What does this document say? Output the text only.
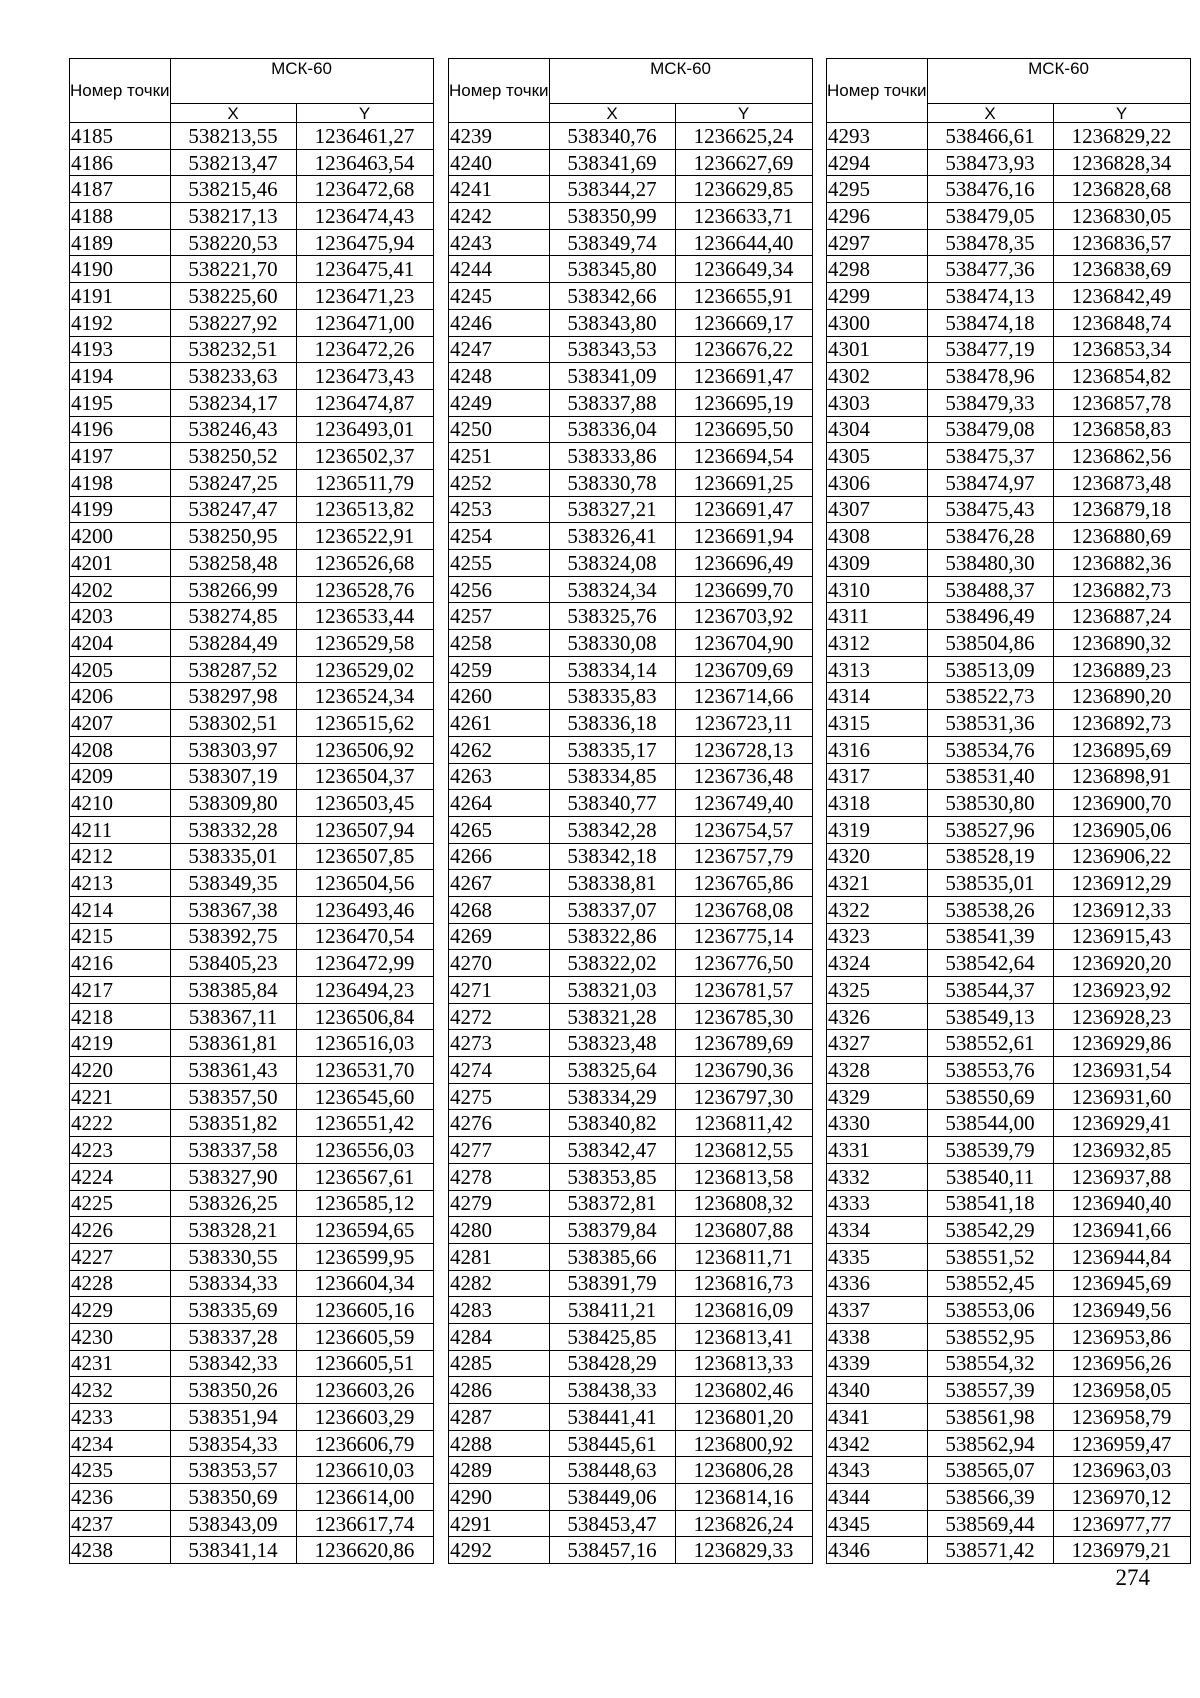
Номер точки	МСК-60	
	X	Y
4185	538213,55	1236461,27
4186	538213,47	1236463,54
4187	538215,46	1236472,68
4188	538217,13	1236474,43
4189	538220,53	1236475,94
4190	538221,70	1236475,41
4191	538225,60	1236471,23
4192	538227,92	1236471,00
4193	538232,51	1236472,26
4194	538233,63	1236473,43
4195	538234,17	1236474,87
4196	538246,43	1236493,01
4197	538250,52	1236502,37
4198	538247,25	1236511,79
4199	538247,47	1236513,82
4200	538250,95	1236522,91
4201	538258,48	1236526,68
4202	538266,99	1236528,76
4203	538274,85	1236533,44
4204	538284,49	1236529,58
4205	538287,52	1236529,02
4206	538297,98	1236524,34
4207	538302,51	1236515,62
4208	538303,97	1236506,92
4209	538307,19	1236504,37
4210	538309,80	1236503,45
4211	538332,28	1236507,94
4212	538335,01	1236507,85
4213	538349,35	1236504,56
4214	538367,38	1236493,46
4215	538392,75	1236470,54
4216	538405,23	1236472,99
4217	538385,84	1236494,23
4218	538367,11	1236506,84
4219	538361,81	1236516,03
4220	538361,43	1236531,70
4221	538357,50	1236545,60
4222	538351,82	1236551,42
4223	538337,58	1236556,03
4224	538327,90	1236567,61
4225	538326,25	1236585,12
4226	538328,21	1236594,65
4227	538330,55	1236599,95
4228	538334,33	1236604,34
4229	538335,69	1236605,16
4230	538337,28	1236605,59
4231	538342,33	1236605,51
4232	538350,26	1236603,26
4233	538351,94	1236603,29
4234	538354,33	1236606,79
4235	538353,57	1236610,03
4236	538350,69	1236614,00
4237	538343,09	1236617,74
4238	538341,14	1236620,86
Номер точки	МСК-60	
	X	Y
4239	538340,76	1236625,24
4240	538341,69	1236627,69
4241	538344,27	1236629,85
4242	538350,99	1236633,71
4243	538349,74	1236644,40
4244	538345,80	1236649,34
4245	538342,66	1236655,91
4246	538343,80	1236669,17
4247	538343,53	1236676,22
4248	538341,09	1236691,47
4249	538337,88	1236695,19
4250	538336,04	1236695,50
4251	538333,86	1236694,54
4252	538330,78	1236691,25
4253	538327,21	1236691,47
4254	538326,41	1236691,94
4255	538324,08	1236696,49
4256	538324,34	1236699,70
4257	538325,76	1236703,92
4258	538330,08	1236704,90
4259	538334,14	1236709,69
4260	538335,83	1236714,66
4261	538336,18	1236723,11
4262	538335,17	1236728,13
4263	538334,85	1236736,48
4264	538340,77	1236749,40
4265	538342,28	1236754,57
4266	538342,18	1236757,79
4267	538338,81	1236765,86
4268	538337,07	1236768,08
4269	538322,86	1236775,14
4270	538322,02	1236776,50
4271	538321,03	1236781,57
4272	538321,28	1236785,30
4273	538323,48	1236789,69
4274	538325,64	1236790,36
4275	538334,29	1236797,30
4276	538340,82	1236811,42
4277	538342,47	1236812,55
4278	538353,85	1236813,58
4279	538372,81	1236808,32
4280	538379,84	1236807,88
4281	538385,66	1236811,71
4282	538391,79	1236816,73
4283	538411,21	1236816,09
4284	538425,85	1236813,41
4285	538428,29	1236813,33
4286	538438,33	1236802,46
4287	538441,41	1236801,20
4288	538445,61	1236800,92
4289	538448,63	1236806,28
4290	538449,06	1236814,16
4291	538453,47	1236826,24
4292	538457,16	1236829,33
Номер точки	МСК-60	
	X	Y
4293	538466,61	1236829,22
4294	538473,93	1236828,34
4295	538476,16	1236828,68
4296	538479,05	1236830,05
4297	538478,35	1236836,57
4298	538477,36	1236838,69
4299	538474,13	1236842,49
4300	538474,18	1236848,74
4301	538477,19	1236853,34
4302	538478,96	1236854,82
4303	538479,33	1236857,78
4304	538479,08	1236858,83
4305	538475,37	1236862,56
4306	538474,97	1236873,48
4307	538475,43	1236879,18
4308	538476,28	1236880,69
4309	538480,30	1236882,36
4310	538488,37	1236882,73
4311	538496,49	1236887,24
4312	538504,86	1236890,32
4313	538513,09	1236889,23
4314	538522,73	1236890,20
4315	538531,36	1236892,73
4316	538534,76	1236895,69
4317	538531,40	1236898,91
4318	538530,80	1236900,70
4319	538527,96	1236905,06
4320	538528,19	1236906,22
4321	538535,01	1236912,29
4322	538538,26	1236912,33
4323	538541,39	1236915,43
4324	538542,64	1236920,20
4325	538544,37	1236923,92
4326	538549,13	1236928,23
4327	538552,61	1236929,86
4328	538553,76	1236931,54
4329	538550,69	1236931,60
4330	538544,00	1236929,41
4331	538539,79	1236932,85
4332	538540,11	1236937,88
4333	538541,18	1236940,40
4334	538542,29	1236941,66
4335	538551,52	1236944,84
4336	538552,45	1236945,69
4337	538553,06	1236949,56
4338	538552,95	1236953,86
4339	538554,32	1236956,26
4340	538557,39	1236958,05
4341	538561,98	1236958,79
4342	538562,94	1236959,47
4343	538565,07	1236963,03
4344	538566,39	1236970,12
4345	538569,44	1236977,77
4346	538571,42	1236979,21
274
